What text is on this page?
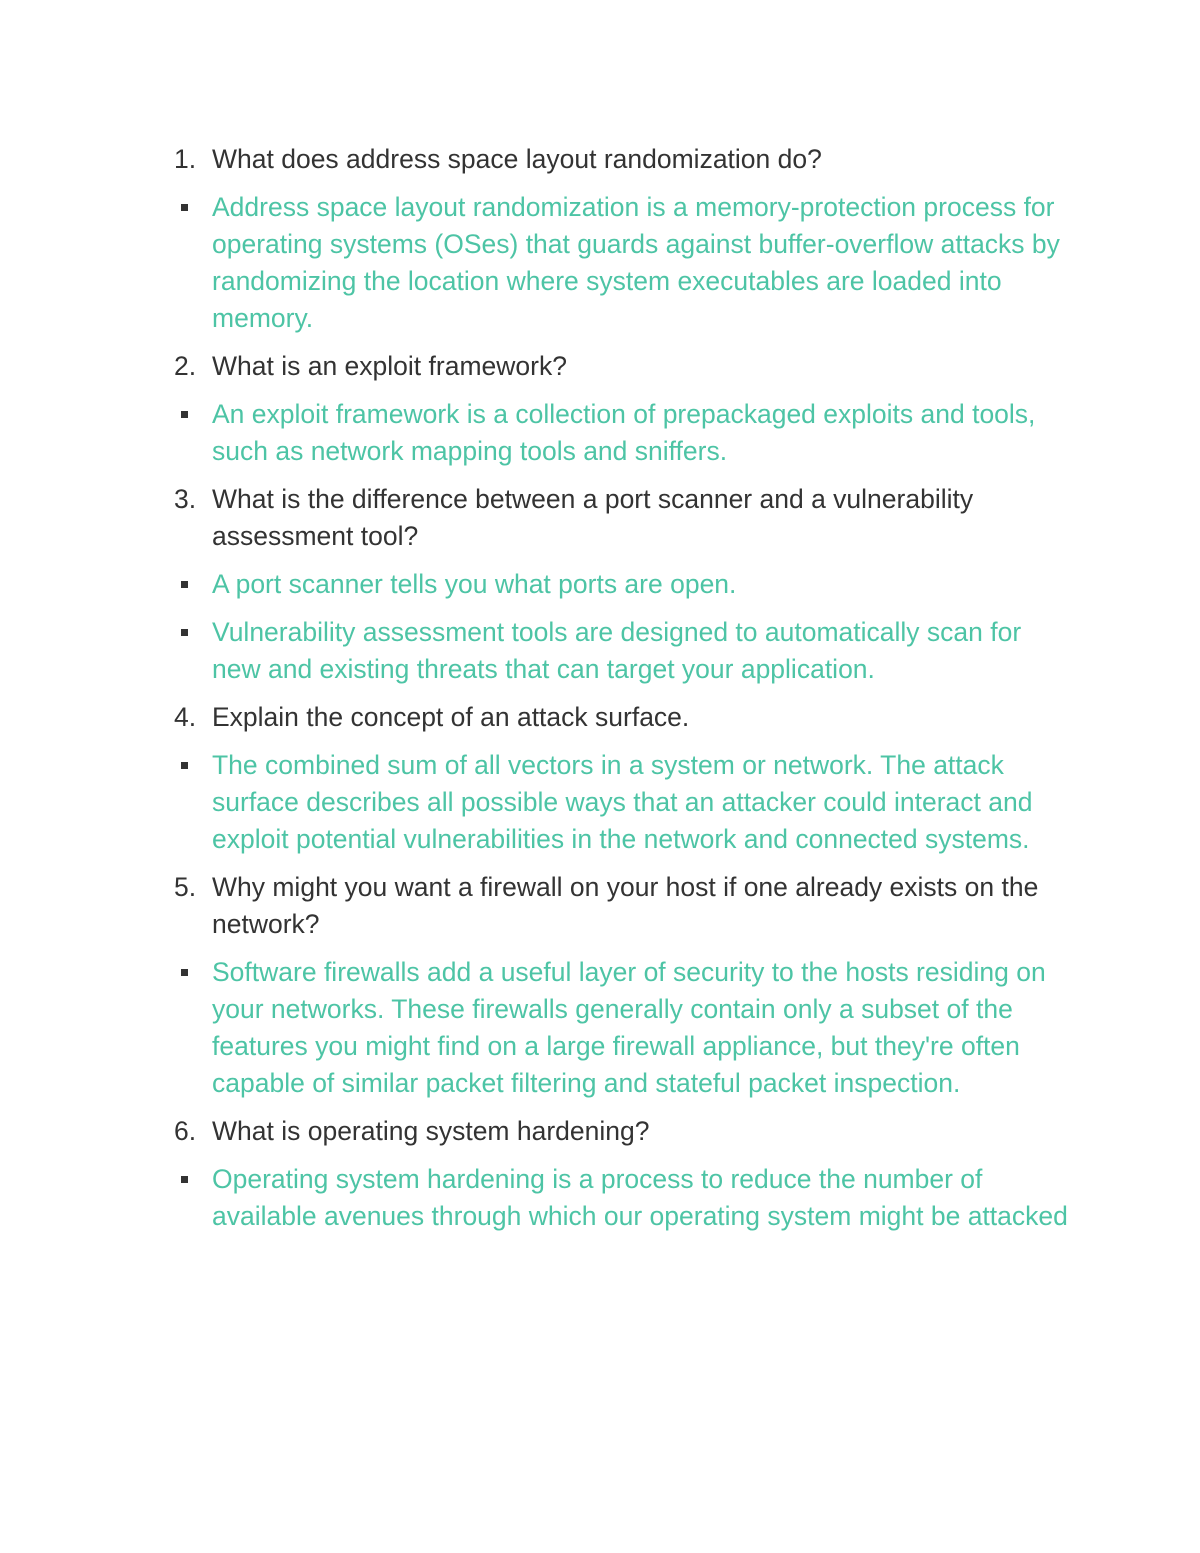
1. What does address space layout randomization do?
Address space layout randomization is a memory-protection process for operating systems (OSes) that guards against buffer-overflow attacks by randomizing the location where system executables are loaded into memory.
2. What is an exploit framework?
An exploit framework is a collection of prepackaged exploits and tools, such as network mapping tools and sniffers.
3. What is the difference between a port scanner and a vulnerability assessment tool?
A port scanner tells you what ports are open.
Vulnerability assessment tools are designed to automatically scan for new and existing threats that can target your application.
4. Explain the concept of an attack surface.
The combined sum of all vectors in a system or network. The attack surface describes all possible ways that an attacker could interact and exploit potential vulnerabilities in the network and connected systems.
5. Why might you want a firewall on your host if one already exists on the network?
Software firewalls add a useful layer of security to the hosts residing on your networks. These firewalls generally contain only a subset of the features you might find on a large firewall appliance, but they're often capable of similar packet filtering and stateful packet inspection.
6. What is operating system hardening?
Operating system hardening is a process to reduce the number of available avenues through which our operating system might be attacked
